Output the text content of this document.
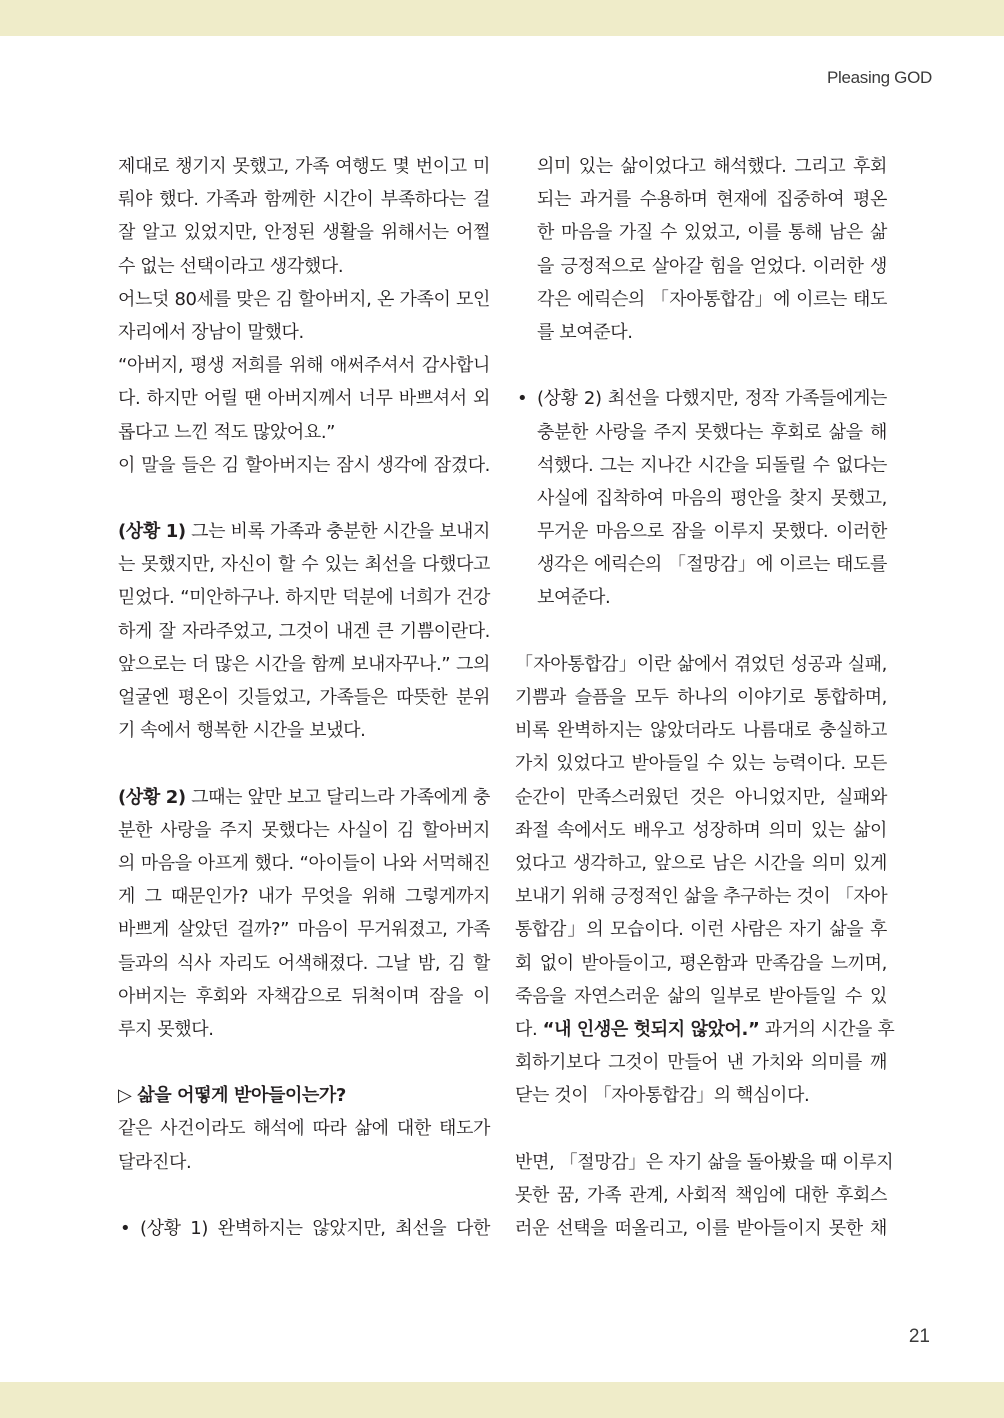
Pleasing GOD
제대로 챙기지 못했고, 가족 여행도 몇 번이고 미
뤄야 했다. 가족과 함께한 시간이 부족하다는 걸
잘 알고 있었지만, 안정된 생활을 위해서는 어쩔
수 없는 선택이라고 생각했다.
어느덧 80세를 맞은 김 할아버지, 온 가족이 모인
자리에서 장남이 말했다.
“아버지, 평생 저희를 위해 애써주셔서 감사합니
다. 하지만 어릴 땐 아버지께서 너무 바쁘셔서 외
롭다고 느낀 적도 많았어요.”
이 말을 들은 김 할아버지는 잠시 생각에 잠겼다.
(상황 1) 그는 비록 가족과 충분한 시간을 보내지
는 못했지만, 자신이 할 수 있는 최선을 다했다고
믿었다. “미안하구나. 하지만 덕분에 너희가 건강
하게 잘 자라주었고, 그것이 내겐 큰 기쁨이란다.
앞으로는 더 많은 시간을 함께 보내자꾸나.” 그의
얼굴엔 평온이 깃들었고, 가족들은 따뜻한 분위
기 속에서 행복한 시간을 보냈다.
(상황 2) 그때는 앞만 보고 달리느라 가족에게 충
분한 사랑을 주지 못했다는 사실이 김 할아버지
의 마음을 아프게 했다. “아이들이 나와 서먹해진
게 그 때문인가? 내가 무엇을 위해 그렇게까지
바쁘게 살았던 걸까?” 마음이 무거워졌고, 가족
들과의 식사 자리도 어색해졌다. 그날 밤, 김 할
아버지는 후회와 자책감으로 뒤척이며 잠을 이
루지 못했다.
▷ 삶을 어떻게 받아들이는가?
같은 사건이라도 해석에 따라 삶에 대한 태도가
달라진다.
• (상황 1) 완벽하지는 않았지만, 최선을 다한
의미 있는 삶이었다고 해석했다. 그리고 후회
되는 과거를 수용하며 현재에 집중하여 평온
한 마음을 가질 수 있었고, 이를 통해 남은 삶
을 긍정적으로 살아갈 힘을 얻었다. 이러한 생
각은 에릭슨의 「자아통합감」에 이르는 태도
를 보여준다.
• (상황 2) 최선을 다했지만, 정작 가족들에게는
충분한 사랑을 주지 못했다는 후회로 삶을 해
석했다. 그는 지나간 시간을 되돌릴 수 없다는
사실에 집착하여 마음의 평안을 찾지 못했고,
무거운 마음으로 잠을 이루지 못했다. 이러한
생각은 에릭슨의 「절망감」에 이르는 태도를
보여준다.
「자아통합감」이란 삶에서 겪었던 성공과 실패,
기쁨과 슬픔을 모두 하나의 이야기로 통합하며,
비록 완벽하지는 않았더라도 나름대로 충실하고
가치 있었다고 받아들일 수 있는 능력이다. 모든
순간이 만족스러웠던 것은 아니었지만, 실패와
좌절 속에서도 배우고 성장하며 의미 있는 삶이
었다고 생각하고, 앞으로 남은 시간을 의미 있게
보내기 위해 긍정적인 삶을 추구하는 것이 「자아
통합감」의 모습이다. 이런 사람은 자기 삶을 후
회 없이 받아들이고, 평온함과 만족감을 느끼며,
죽음을 자연스러운 삶의 일부로 받아들일 수 있
다. “내 인생은 헛되지 않았어.” 과거의 시간을 후
회하기보다 그것이 만들어 낸 가치와 의미를 깨
닫는 것이 「자아통합감」의 핵심이다.
반면, 「절망감」은 자기 삶을 돌아봤을 때 이루지
못한 꿈, 가족 관계, 사회적 책임에 대한 후회스
러운 선택을 떠올리고, 이를 받아들이지 못한 채
21
